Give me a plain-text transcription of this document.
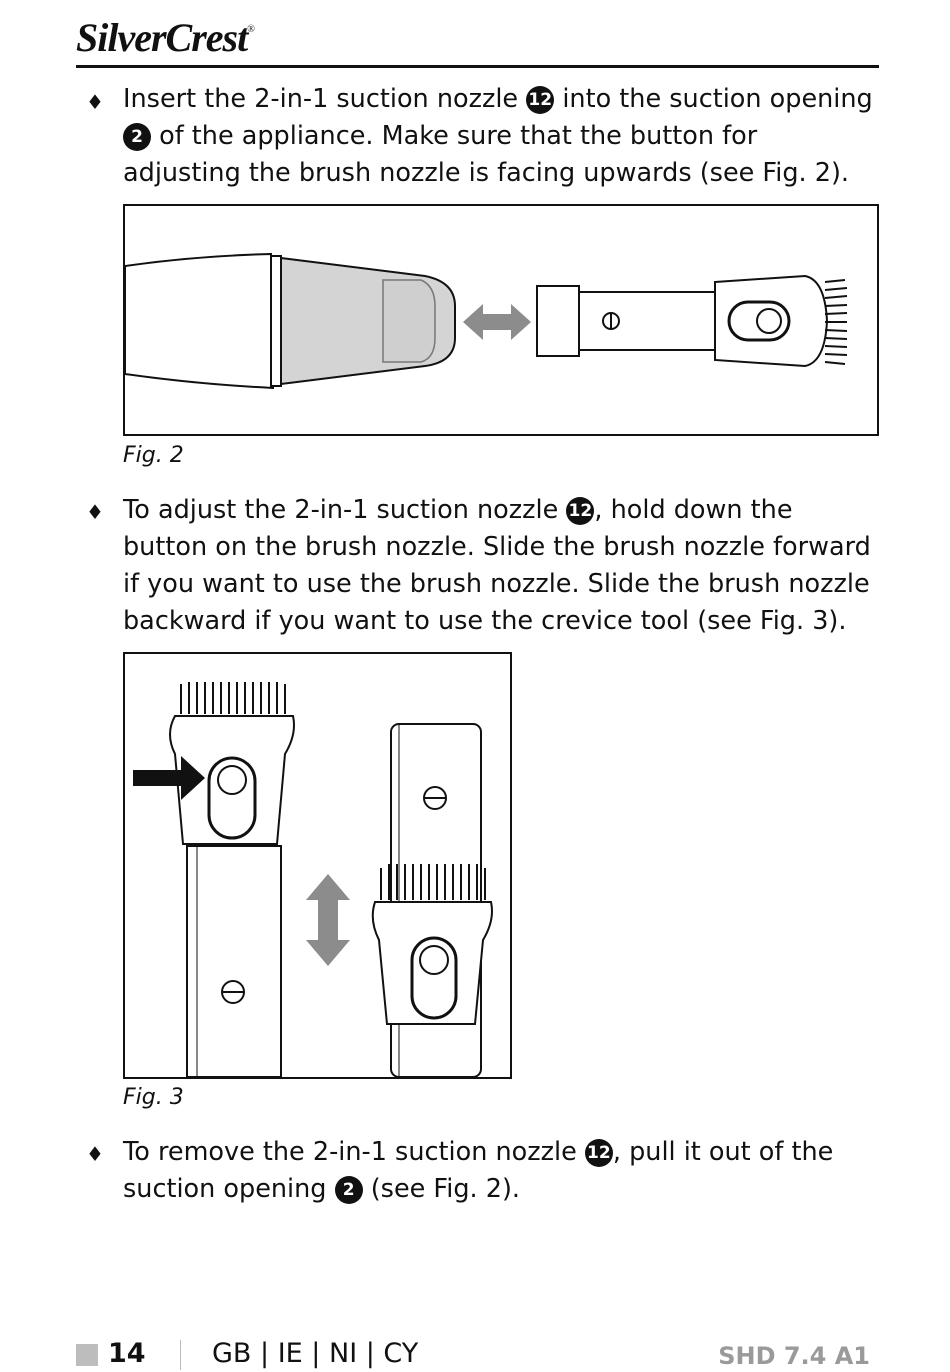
SilverCrest®
♦ Insert the 2-in-1 suction nozzle 12 into the suction opening 2 of the appliance. Make sure that the button for adjusting the brush nozzle is facing upwards (see Fig. 2).
Fig. 2
♦ To adjust the 2-in-1 suction nozzle 12, hold down the button on the brush nozzle. Slide the brush nozzle forward if you want to use the brush nozzle. Slide the brush nozzle backward if you want to use the crevice tool (see Fig. 3).
Fig. 3
♦ To remove the 2-in-1 suction nozzle 12, pull it out of the suction opening 2 (see Fig. 2).
14 GB | IE | NI | CY	SHD 7.4 A1
